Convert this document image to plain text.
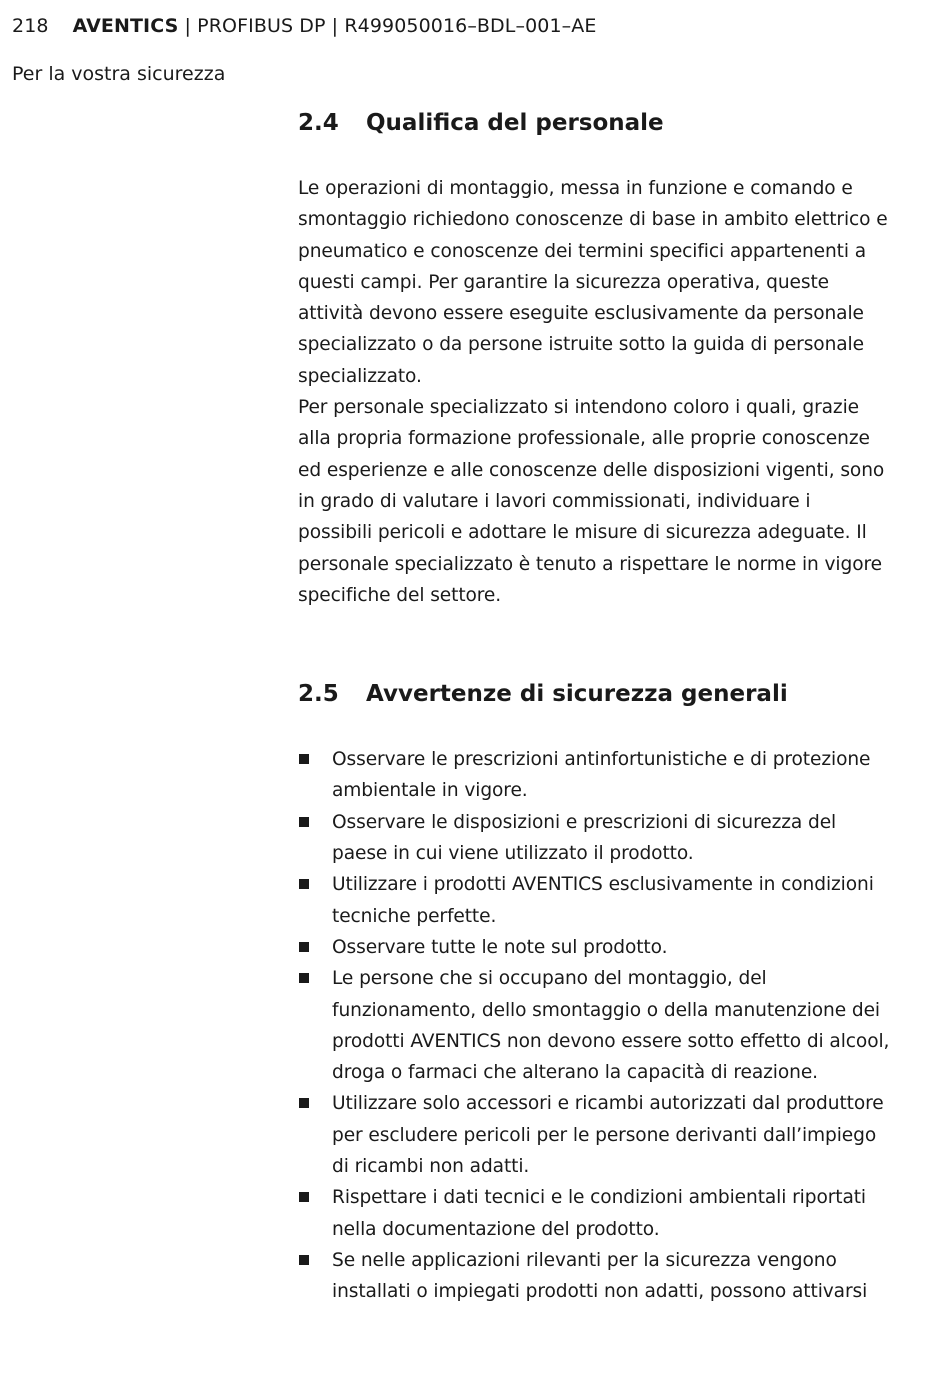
218 AVENTICS | PROFIBUS DP | R499050016–BDL–001–AE
Per la vostra sicurezza
2.4	Qualifica del personale

Le operazioni di montaggio, messa in funzione e comando e smontaggio richiedono conoscenze di base in ambito elettrico e pneumatico e conoscenze dei termini specifici appartenenti a questi campi. Per garantire la sicurezza operativa, queste attività devono essere eseguite esclusivamente da personale specializzato o da persone istruite sotto la guida di personale specializzato.

Per personale specializzato si intendono coloro i quali, grazie alla propria formazione professionale, alle proprie conoscenze ed esperienze e alle conoscenze delle disposizioni vigenti, sono in grado di valutare i lavori commissionati, individuare i possibili pericoli e adottare le misure di sicurezza adeguate. Il personale specializzato è tenuto a rispettare le norme in vigore specifiche del settore.

2.5	Avvertenze di sicurezza generali
Osservare le prescrizioni antinfortunistiche e di protezione ambientale in vigore.
Osservare le disposizioni e prescrizioni di sicurezza del paese in cui viene utilizzato il prodotto.
Utilizzare i prodotti AVENTICS esclusivamente in condizioni tecniche perfette.
Osservare tutte le note sul prodotto.
Le persone che si occupano del montaggio, del funzionamento, dello smontaggio o della manutenzione dei prodotti AVENTICS non devono essere sotto effetto di alcool, droga o farmaci che alterano la capacità di reazione.
Utilizzare solo accessori e ricambi autorizzati dal produttore per escludere pericoli per le persone derivanti dall’impiego di ricambi non adatti.
Rispettare i dati tecnici e le condizioni ambientali riportati nella documentazione del prodotto.
Se nelle applicazioni rilevanti per la sicurezza vengono installati o impiegati prodotti non adatti, possono attivarsi
